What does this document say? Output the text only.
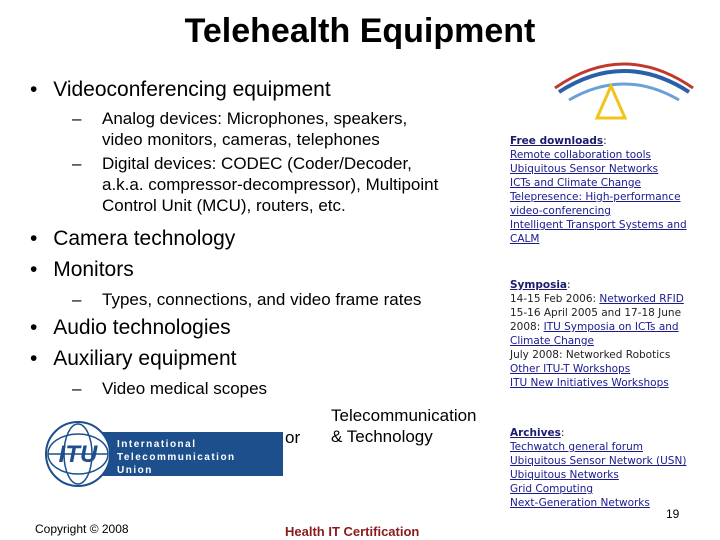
Telehealth Equipment
• Videoconferencing equipment
– Analog devices: Microphones, speakers,
video monitors, cameras, telephones
– Digital devices: CODEC (Coder/Decoder,
a.k.a. compressor-decompressor), Multipoint
Control Unit (MCU), routers, etc.
• Camera technology
• Monitors
– Types, connections, and video frame rates
• Audio technologies
• Auxiliary equipment
– Video medical scopes
or
Telecommunication
& Technology
Free downloads:
Remote collaboration tools
Ubiquitous Sensor Networks
ICTs and Climate Change
Telepresence: High-performance
video-conferencing
Intelligent Transport Systems and
CALM
Symposia:
14-15 Feb 2006: Networked RFID
15-16 April 2005 and 17-18 June
2008: ITU Symposia on ICTs and
Climate Change
July 2008: Networked Robotics
Other ITU-T Workshops
ITU New Initiatives Workshops
Archives:
Techwatch general forum
Ubiquitous Sensor Network (USN)
Ubiquitous Networks
Grid Computing
Next-Generation Networks
ITU International
Telecommunication
Union
Copyright © 2008	Health IT Certification
19
